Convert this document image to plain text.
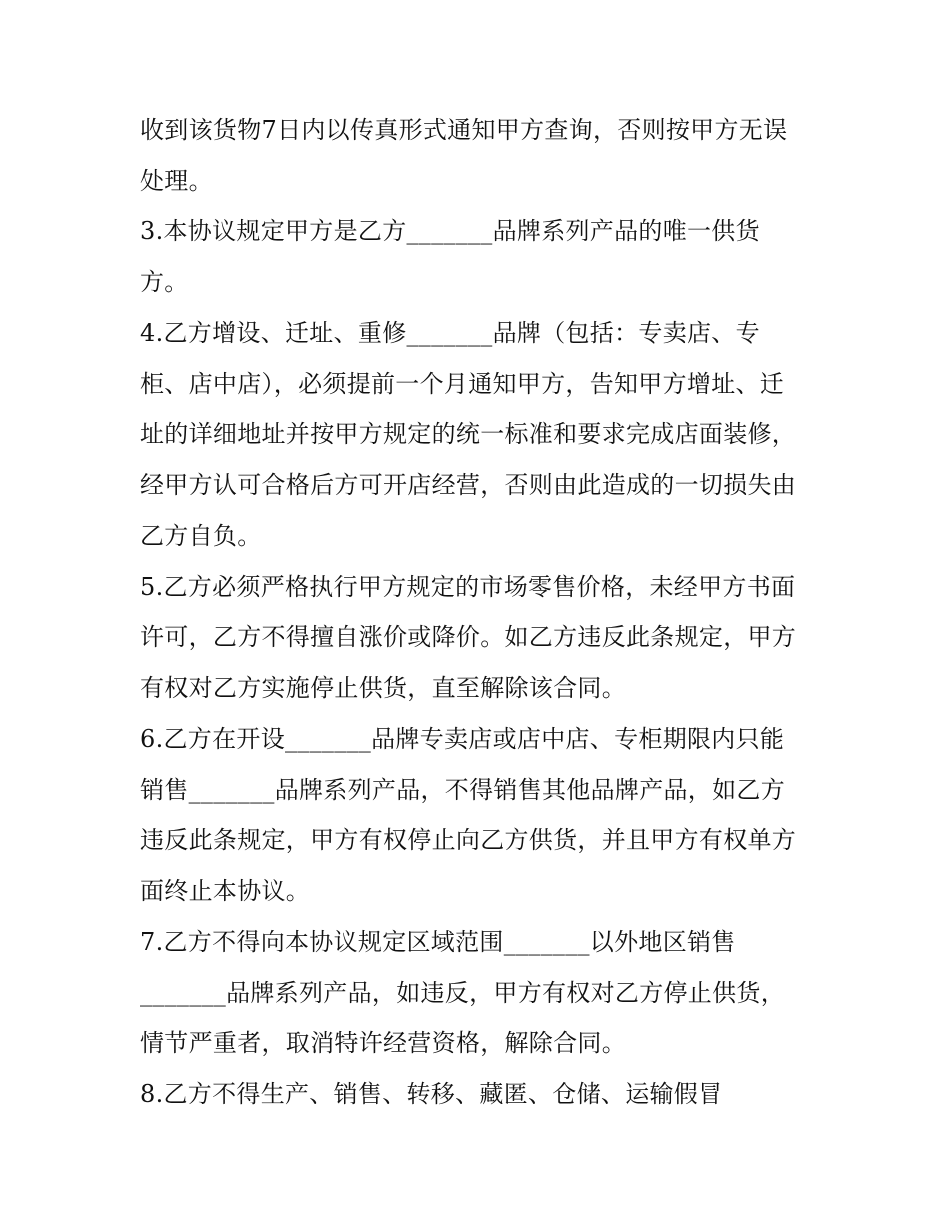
收到该货物7日内以传真形式通知甲方查询，否则按甲方无误
处理。
3.本协议规定甲方是乙方_______品牌系列产品的唯一供货
方。
4.乙方增设、迁址、重修_______品牌（包括：专卖店、专
柜、店中店），必须提前一个月通知甲方，告知甲方增址、迁
址的详细地址并按甲方规定的统一标准和要求完成店面装修，
经甲方认可合格后方可开店经营，否则由此造成的一切损失由
乙方自负。
5.乙方必须严格执行甲方规定的市场零售价格，未经甲方书面
许可，乙方不得擅自涨价或降价。如乙方违反此条规定，甲方
有权对乙方实施停止供货，直至解除该合同。
6.乙方在开设_______品牌专卖店或店中店、专柜期限内只能
销售_______品牌系列产品，不得销售其他品牌产品，如乙方
违反此条规定，甲方有权停止向乙方供货，并且甲方有权单方
面终止本协议。
7.乙方不得向本协议规定区域范围_______以外地区销售
_______品牌系列产品，如违反，甲方有权对乙方停止供货，
情节严重者，取消特许经营资格，解除合同。
8.乙方不得生产、销售、转移、藏匿、仓储、运输假冒
